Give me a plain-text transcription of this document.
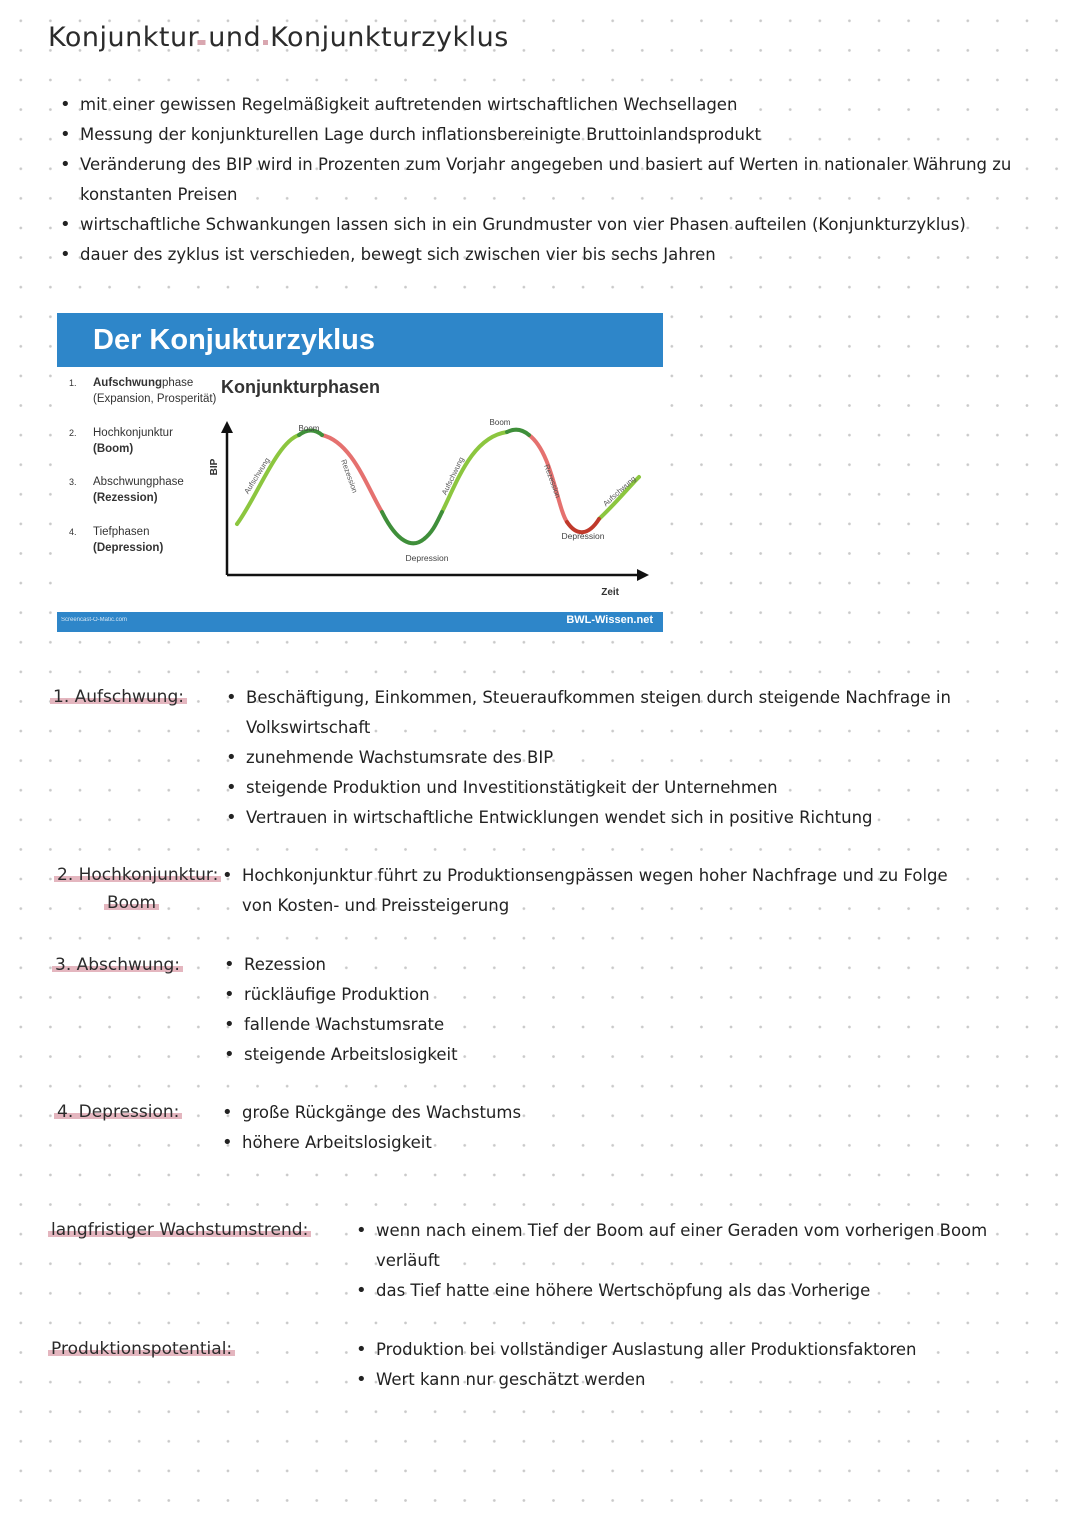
Konjunktur und Konjunkturzyklus
• mit einer gewissen Regelmäßigkeit auftretenden wirtschaftlichen Wechsellagen
• Messung der konjunkturellen Lage durch inflationsbereinigte Bruttoinlandsprodukt
• Veränderung des BIP wird in Prozenten zum Vorjahr angegeben und basiert auf Werten in nationaler Währung zu konstanten Preisen
• wirtschaftliche Schwankungen lassen sich in ein Grundmuster von vier Phasen aufteilen (Konjunkturzyklus)
• dauer des zyklus ist verschieden, bewegt sich zwischen vier bis sechs Jahren
Der Konjukturzyklus
1. Aufschwungphase
(Expansion, Prosperität)
2. Hochkonjunktur
(Boom)
3. Abschwungphase
(Rezession)
4. Tiefphasen
(Depression)
Konjunkturphasen
BIP
Zeit
Boom
Boom
Depression
Depression
Aufschwung	Rezession	Aufschwung	Rezession	Aufschwung
Screencast-O-Matic.com	BWL-Wissen.net
1. Aufschwung:	• Beschäftigung, Einkommen, Steueraufkommen steigen durch steigende Nachfrage in Volkswirtschaft
• zunehmende Wachstumsrate des BIP
• steigende Produktion und Investitionstätigkeit der Unternehmen
• Vertrauen in wirtschaftliche Entwicklungen wendet sich in positive Richtung
2. Hochkonjunktur:
Boom
• Hochkonjunktur führt zu Produktionsengpässen wegen hoher Nachfrage und zu Folge von Kosten- und Preissteigerung
3. Abschwung:	• Rezession
• rückläufige Produktion
• fallende Wachstumsrate
• steigende Arbeitslosigkeit
4. Depression:	• große Rückgänge des Wachstums
• höhere Arbeitslosigkeit
langfristiger Wachstumstrend:	• wenn nach einem Tief der Boom auf einer Geraden vom vorherigen Boom verläuft
• das Tief hatte eine höhere Wertschöpfung als das Vorherige
Produktionspotential:	• Produktion bei vollständiger Auslastung aller Produktionsfaktoren
• Wert kann nur geschätzt werden
